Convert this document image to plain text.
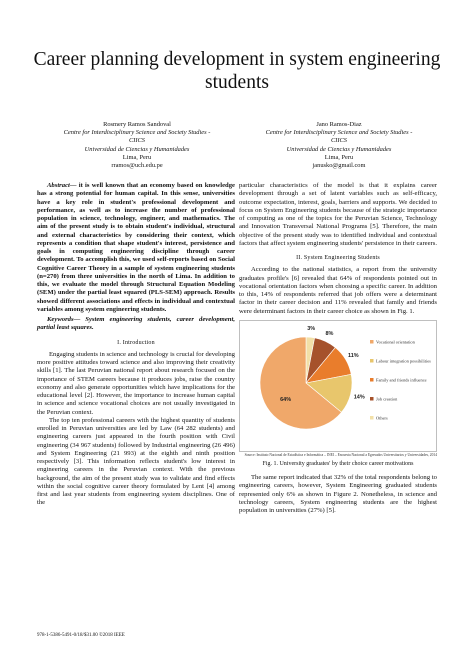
Career planning development in system engineering students
Rosmery Ramos Sandoval
Centre for Interdisciplinary Science and Society Studies -
CIICS
Universidad de Ciencias y Humanidades
Lima, Peru
rramos@uch.edu.pe
Jano Ramos-Diaz
Centre for Interdisciplinary Science and Society Studies -
CIICS
Universidad de Ciencias y Humanidades
Lima, Peru
janusko@gmail.com

Abstract— it is well known that an economy based on knowledge has a strong potential for human capital. In this sense, universities have a key role in student's professional development and performance, as well as to increase the number of professional population in science, technology, engineer, and mathematics. The aim of the present study is to obtain student's individual, structural and external characteristics by considering their context, which represents a condition that shape student's interest, persistence and goals in computing engineering discipline through career development. To accomplish this, we used self-reports based on Social Cognitive Career Theory in a sample of system engineering students (n=270) from three universities in the north of Lima. In addition to this, we evaluate the model through Structural Equation Modeling (SEM) under the partial least squared (PLS-SEM) approach. Results showed different associations and effects in individual and contextual variables among system engineering students.

Keywords— System engineering students, career development, partial least squares.

I. Introduction

Engaging students in science and technology is crucial for developing more positive attitudes toward science and also improving their creativity skills [1]. The last Peruvian national report about research focused on the importance of STEM careers because it produces jobs, raise the country economy and also generate opportunities which have implications for the educational level [2]. However, the importance to increase human capital in science and science vocational choices are not usually investigated in the Peruvian context.

The top ten professional careers with the highest quantity of students enrolled in Peruvian universities are led by Law (64 282 students) and engineering careers just appeared in the fourth position with Civil engineering (34 967 students) followed by Industrial engineering (26 496) and System Engineering (21 993) at the eighth and ninth position respectively [3]. This information reflects student's low interest in engineering careers in the Peruvian context. With the previous background, the aim of the present study was to validate and find effects within the social cognitive career theory formulated by Lent [4] among first and last year students from engineering system disciplines. One of the

particular characteristics of the model is that it explains career development through a set of latent variables such as self-efficacy, outcome expectation, interest, goals, barriers and supports. We decided to focus on System Engineering students because of the strategic importance of computing as one of the topics for the Peruvian Science, Technology and Innovation Transversal National Programs [5]. Therefore, the main objective of the present study was to identified individual and contextual factors that affect system engineering students' persistence in their careers.

II. System Engineering Students

According to the national statistics, a report from the university graduates profile's [6] revealed that 64% of respondents pointed out in vocational orientation factors when choosing a specific career. In addition to this, 14% of respondents referred that job offers were a determinant factor in their career decision and 11% revealed that family and friends were determinant factors in their career choice as shown in Fig. 1.

3%
8%
11%
14%
64%
Vocational orientation
Labour integration possibilities
Family and friends influence
Job creation
Others

Source: Instituto Nacional de Estadística e Informática – INEI – Encuesta Nacional a Egresados Universitarios y Universidades, 2014

Fig. 1. University graduates' by their choice career motivations

The same report indicated that 32% of the total respondents belong to engineering careers, however, System Engineering graduated students represented only 6% as shown in Figure 2. Nonetheless, in science and technology careers, System engineering students are the highest population in universities (27%) [5].

978-1-5386-5491-0/18/$31.00 ©2018 IEEE
